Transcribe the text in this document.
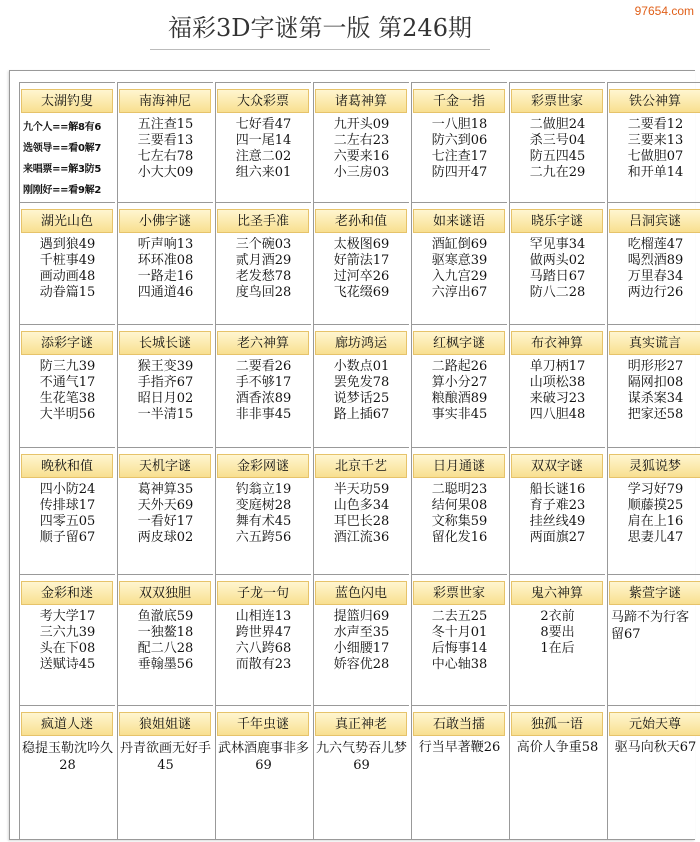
97654.com
福彩3D字谜第一版 第246期
太湖钓叟
九个人==解8有6
选领导==看0解7
来唱票==解3防5
刚刚好==看9解2
南海神尼
五注查15
三要看13
七左右78
小大大09
大众彩票
七好看47
四一尾14
注意二02
组六来01
诸葛神算
九开头09
二左右23
六要来16
小三房03
千金一指
一八胆18
防六到06
七注查17
防四开47
彩票世家
二做胆24
杀三号04
防五四45
二九在29
铁公神算
二要看12
三要来13
七做胆07
和开单14
湖光山色
遇到狼49
千桩事49
画动画48
动眷篇15
小佛字谜
听声响13
环环准08
一路走16
四通道46
比圣手准
三个碗03
贰月酒29
老发愁78
度鸟回28
老孙和值
太极图69
好箭法17
过河卒26
飞花缀69
如来谜语
酒缸倒69
驱寒意39
入九宫29
六淳出67
晓乐字谜
罕见事34
做两头02
马踏日67
防八二28
吕洞宾谜
吃榴莲47
喝烈酒89
万里春34
两边行26
添彩字谜
防三九39
不通气17
生花笔38
大半明56
长城长谜
猴王变39
手指齐67
昭日月02
一半清15
老六神算
二要看26
手不够17
酒香浓89
非非事45
廊坊鸿运
小数点01
罢免发78
说梦话25
路上插67
红枫字谜
二路起26
算小分27
粮酿酒89
事实非45
布衣神算
单刀柄17
山项松38
来破习23
四八胆48
真实谎言
明形形27
隔网扣08
谋杀案34
把家还58
晚秋和值
四小防24
传排球17
四零五05
顺子留67
天机字谜
葛神算35
天外天69
一看好17
两皮球02
金彩网谜
钓翁立19
变庭树28
舞有术45
六五跨56
北京千艺
半天功59
山色多34
耳巴长28
酒江流36
日月通谜
二聪明23
结何果08
文称集59
留化发16
双双字谜
船长谜16
育子难23
挂丝线49
两面旗27
灵狐说梦
学习好79
顺藤摸25
肩在上16
思妻儿47
金彩和迷
考大学17
三六九39
头在下08
送赋诗45
双双独胆
鱼澈底59
一独鳌18
配二八28
垂翰墨56
子龙一句
山相连13
跨世界47
六八跨68
而散有23
蓝色闪电
提篮归69
水声至35
小细腰17
娇容优28
彩票世家
二去五25
冬十月01
后悔事14
中心轴38
鬼六神算
2衣前
8要出
1在后
紫萱字谜
马蹄不为行客留67
疯道人迷
稳提玉勒沈吟久28
狼姐姐谜
丹青欲画无好手45
千年虫谜
武林酒鹿事非多69
真正神老
九六气势吞儿梦69
石敢当擂
行当早著鞭26
独孤一语
高价人争重58
元始天尊
驱马向秋天67
